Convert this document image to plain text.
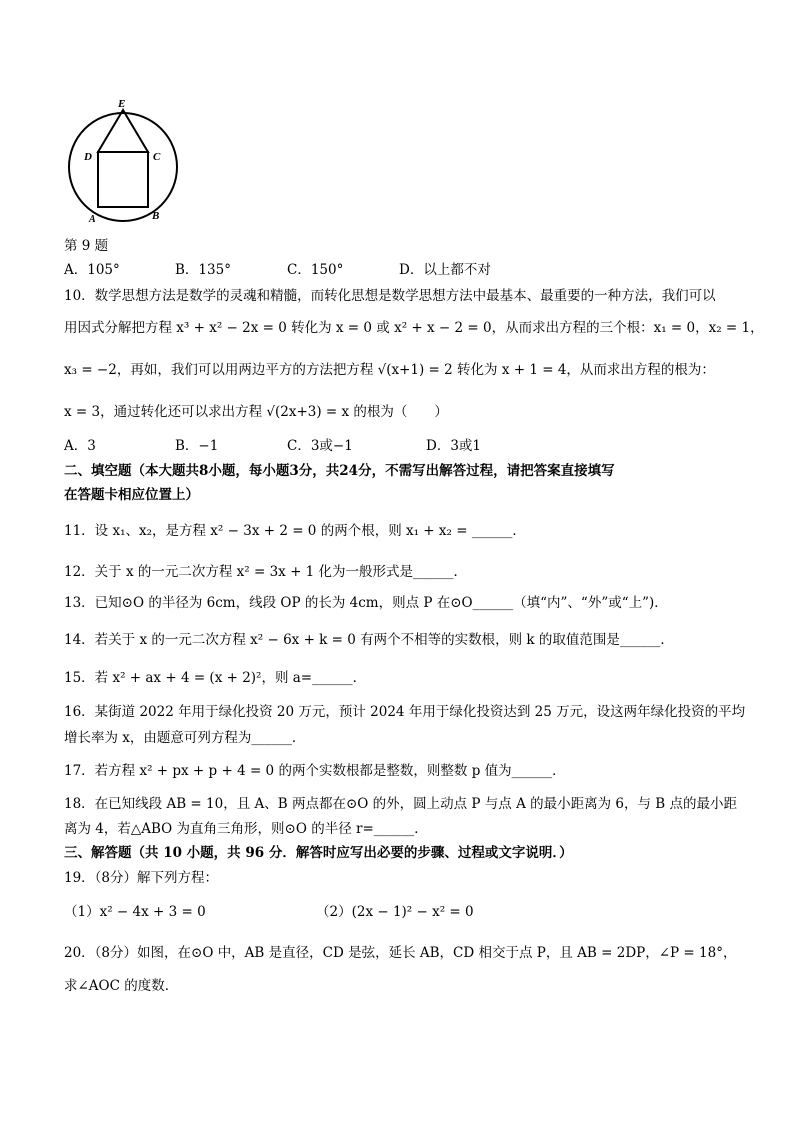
E
D	C
A	B
第 9 题
A．105°	B．135°	C．150°	D．以上都不对
10．数学思想方法是数学的灵魂和精髓，而转化思想是数学思想方法中最基本、最重要的一种方法，我们可以
用因式分解把方程 x³ + x² − 2x = 0 转化为 x = 0 或 x² + x − 2 = 0，从而求出方程的三个根：x₁ = 0，x₂ = 1，
x₃ = −2，再如，我们可以用两边平方的方法把方程 √(x+1) = 2 转化为 x + 1 = 4，从而求出方程的根为：
x = 3，通过转化还可以求出方程 √(2x+3) = x 的根为（　　）
A．3	B．−1	C．3或−1	D．3或1
二、填空题（本大题共8小题，每小题3分，共24分，不需写出解答过程，请把答案直接填写
在答题卡相应位置上）
11．设 x₁、x₂，是方程 x² − 3x + 2 = 0 的两个根，则 x₁ + x₂ = ______．
12．关于 x 的一元二次方程 x² = 3x + 1 化为一般形式是______．
13．已知⊙O 的半径为 6cm，线段 OP 的长为 4cm，则点 P 在⊙O______（填“内”、“外”或“上”)．
14．若关于 x 的一元二次方程 x² − 6x + k = 0 有两个不相等的实数根，则 k 的取值范围是______．
15．若 x² + ax + 4 = (x + 2)²，则 a=______．
16．某街道 2022 年用于绿化投资 20 万元，预计 2024 年用于绿化投资达到 25 万元，设这两年绿化投资的平均
增长率为 x，由题意可列方程为______．
17．若方程 x² + px + p + 4 = 0 的两个实数根都是整数，则整数 p 值为______．
18．在已知线段 AB = 10，且 A、B 两点都在⊙O 的外，圆上动点 P 与点 A 的最小距离为 6，与 B 点的最小距
离为 4，若△ABO 为直角三角形，则⊙O 的半径 r=______．
三、解答题（共 10 小题，共 96 分．解答时应写出必要的步骤、过程或文字说明．）
19．（8分）解下列方程：
（1）x² − 4x + 3 = 0	（2）(2x − 1)² − x² = 0
20．（8分）如图，在⊙O 中，AB 是直径，CD 是弦，延长 AB，CD 相交于点 P，且 AB = 2DP，∠P = 18°，
求∠AOC 的度数．
